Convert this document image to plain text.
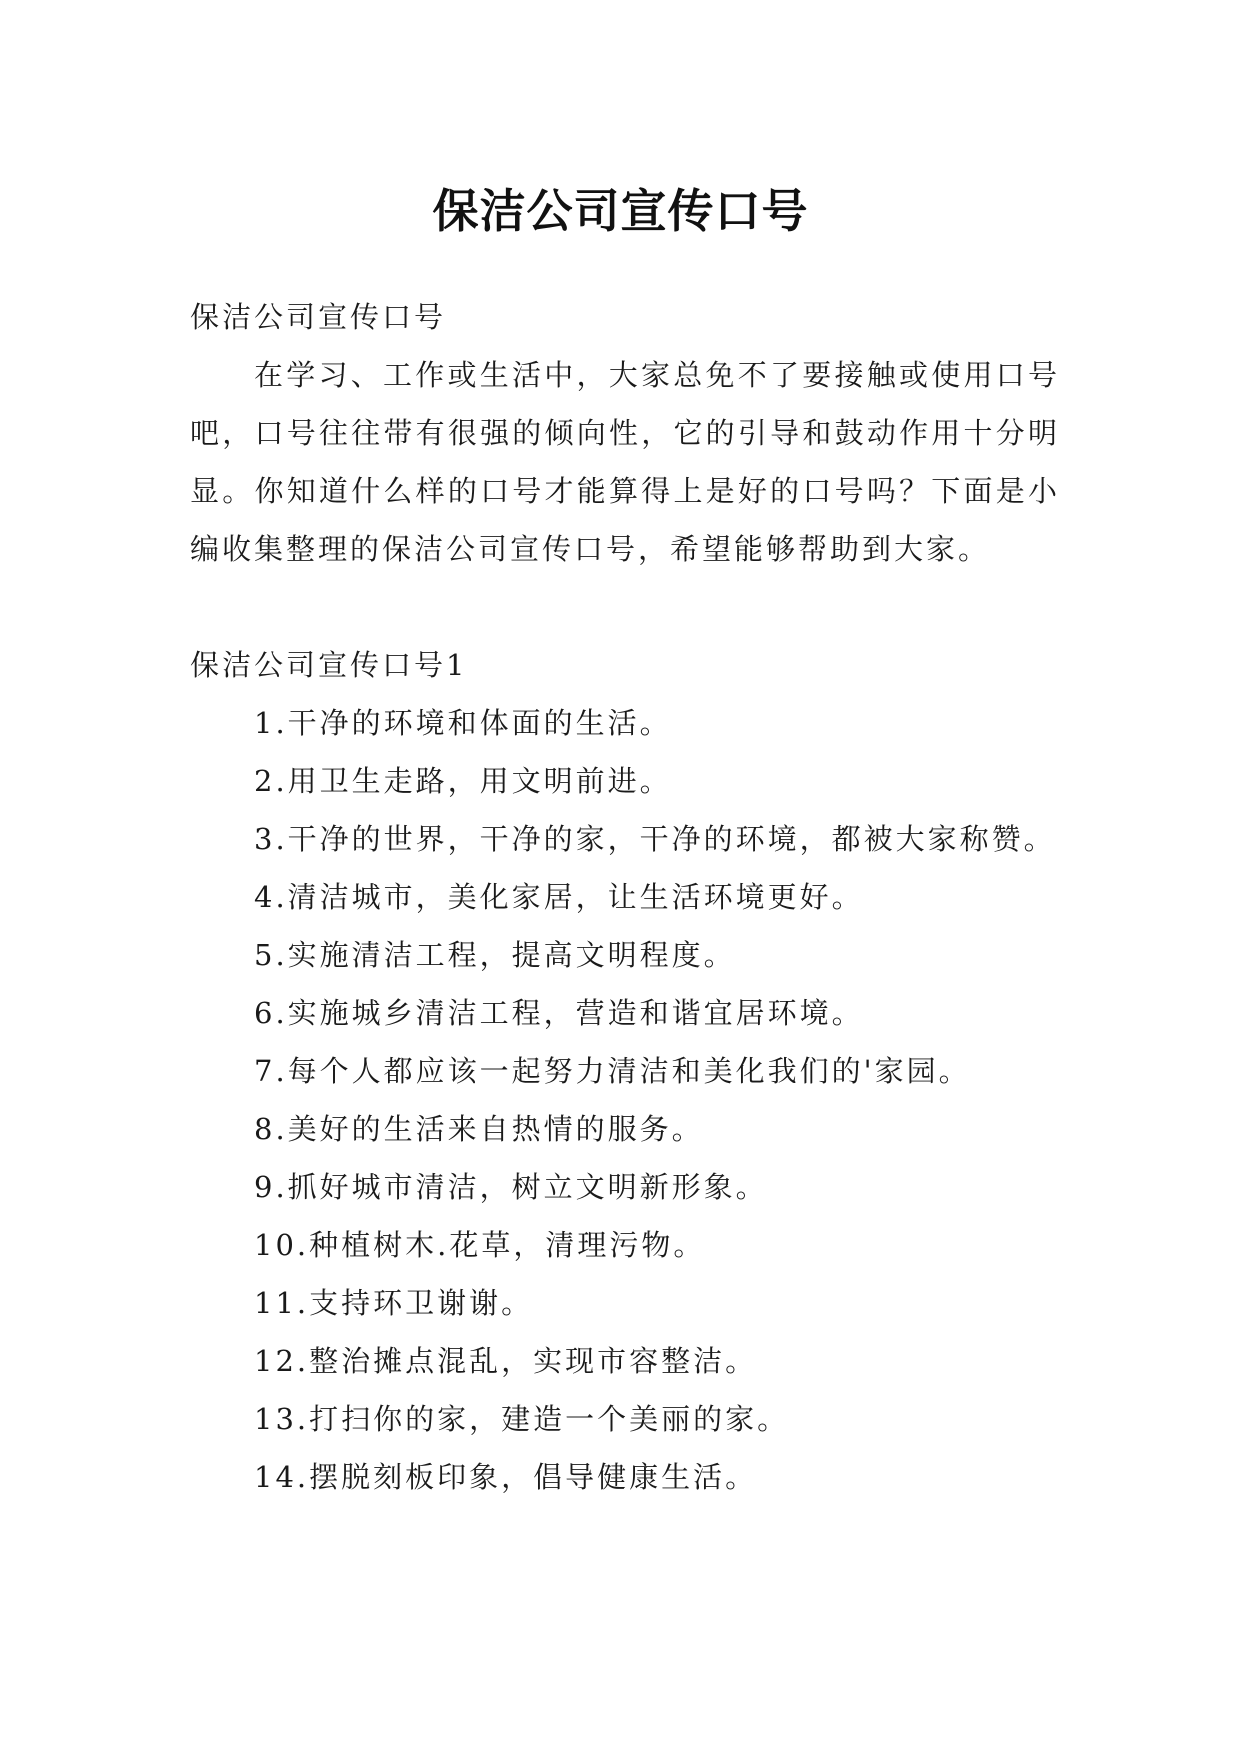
保洁公司宣传口号

保洁公司宣传口号

在学习、工作或生活中，大家总免不了要接触或使用口号吧，口号往往带有很强的倾向性，它的引导和鼓动作用十分明显。你知道什么样的口号才能算得上是好的口号吗？下面是小编收集整理的保洁公司宣传口号，希望能够帮助到大家。

保洁公司宣传口号1

1.干净的环境和体面的生活。
2.用卫生走路，用文明前进。
3.干净的世界，干净的家，干净的环境，都被大家称赞。
4.清洁城市，美化家居，让生活环境更好。
5.实施清洁工程，提高文明程度。
6.实施城乡清洁工程，营造和谐宜居环境。
7.每个人都应该一起努力清洁和美化我们的'家园。
8.美好的生活来自热情的服务。
9.抓好城市清洁，树立文明新形象。
10.种植树木.花草，清理污物。
11.支持环卫谢谢。
12.整治摊点混乱，实现市容整洁。
13.打扫你的家，建造一个美丽的家。
14.摆脱刻板印象，倡导健康生活。
